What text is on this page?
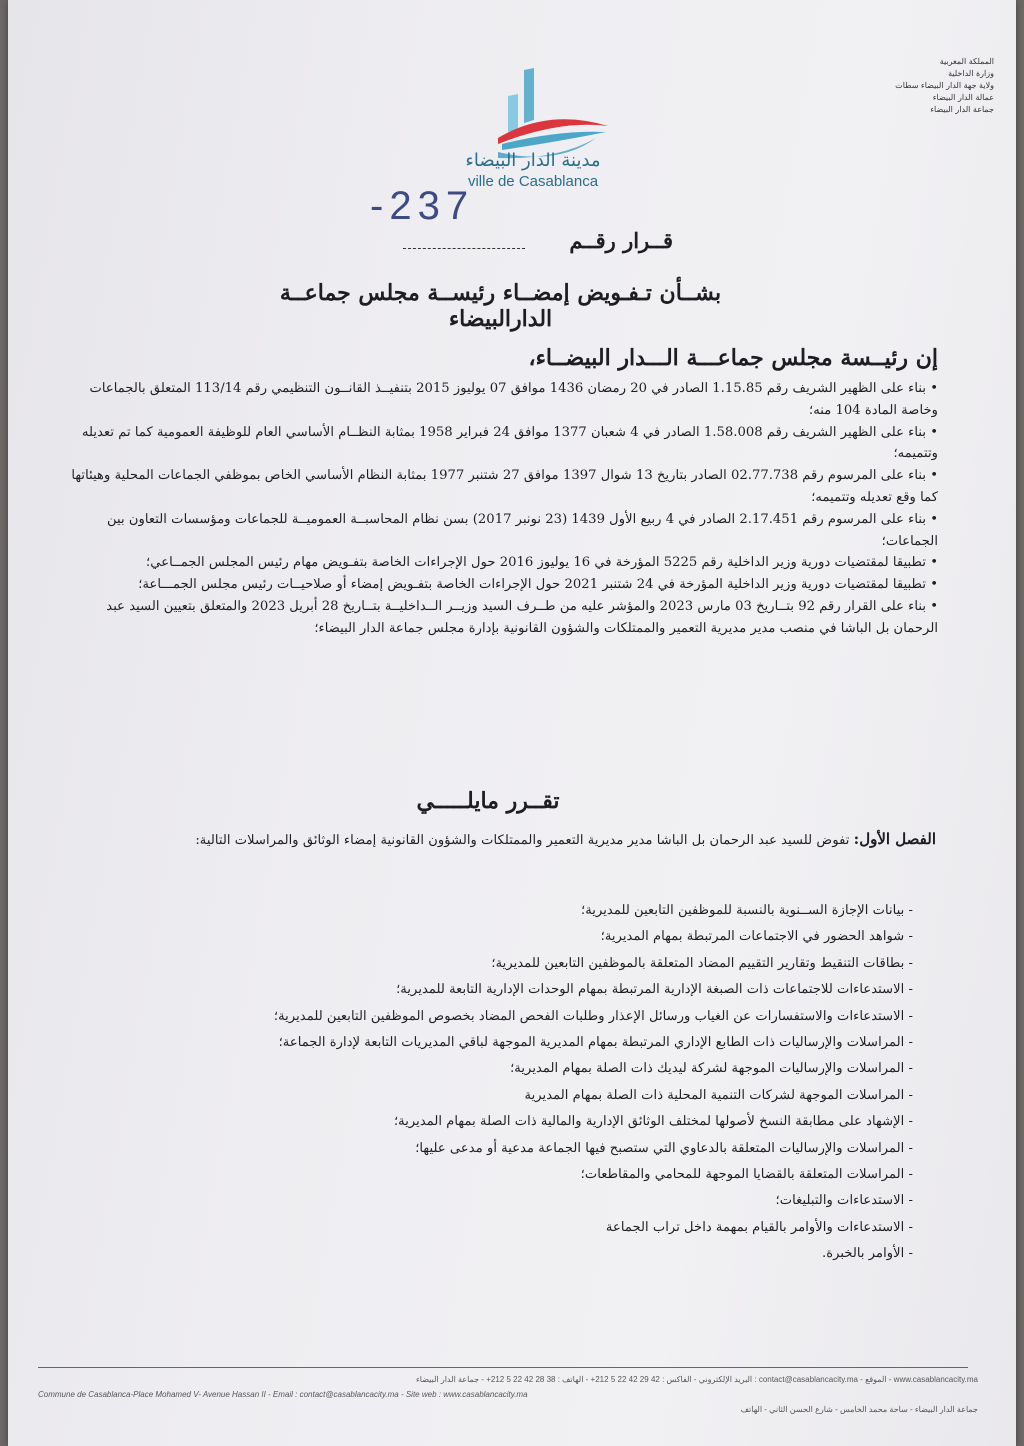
المملكة المغربية
وزارة الداخلية
ولاية جهة الدار البيضاء سطات
عمالة الدار البيضاء
جماعة الدار البيضاء
مدينة الدار البيضاء
ville de Casablanca
-237
قــرار رقــم
بشــأن تـفـويض إمضــاء رئيســة مجلس جماعــة الدارالبيضاء
إن رئيــسة مجلس جماعـــة الـــدار البيضــاء،

• بناء على الظهير الشريف رقم 1.15.85 الصادر في 20 رمضان 1436 موافق 07 يوليوز 2015 بتنفيــذ القانــون التنظيمي رقم 113/14 المتعلق بالجماعات وخاصة المادة 104 منه؛

• بناء على الظهير الشريف رقم 1.58.008 الصادر في 4 شعبان 1377 موافق 24 فبراير 1958 بمثابة النظــام الأساسي العام للوظيفة العمومية كما تم تعديله وتتميمه؛

• بناء على المرسوم رقم 02.77.738 الصادر بتاريخ 13 شوال 1397 موافق 27 شتنبر 1977 بمثابة النظام الأساسي الخاص بموظفي الجماعات المحلية وهيئاتها كما وقع تعديله وتتميمه؛

• بناء على المرسوم رقم 2.17.451 الصادر في 4 ربيع الأول 1439 (23 نونبر 2017) بسن نظام المحاسبــة العموميــة للجماعات ومؤسسات التعاون بين الجماعات؛

• تطبيقا لمقتضيات دورية وزير الداخلية رقم 5225 المؤرخة في 16 يوليوز 2016 حول الإجراءات الخاصة بتفـويض مهام رئيس المجلس الجمــاعي؛

• تطبيقا لمقتضيات دورية وزير الداخلية المؤرخة في 24 شتنبر 2021 حول الإجراءات الخاصة بتفـويض إمضاء أو صلاحيــات رئيس مجلس الجمـــاعة؛

• بناء على القرار رقم 92 بتــاريخ 03 مارس 2023 والمؤشر عليه من طــرف السيد وزيــر الــداخليــة بتــاريخ 28 أبريل 2023 والمتعلق بتعيين السيد عبد الرحمان بل الباشا في منصب مدير مديرية التعمير والممتلكات والشؤون القانونية بإدارة مجلس جماعة الدار البيضاء؛

تقــرر مايلـــــي
الفصل الأول: تفوض للسيد عبد الرحمان بل الباشا مدير مديرية التعمير والممتلكات والشؤون القانونية إمضاء الوثائق والمراسلات التالية:
- بيانات الإجازة الســنوية بالنسبة للموظفين التابعين للمديرية؛
- شواهد الحضور في الاجتماعات المرتبطة بمهام المديرية؛
- بطاقات التنقيط وتقارير التقييم المضاد المتعلقة بالموظفين التابعين للمديرية؛
- الاستدعاءات للاجتماعات ذات الصبغة الإدارية المرتبطة بمهام الوحدات الإدارية التابعة للمديرية؛
- الاستدعاءات والاستفسارات عن الغياب ورسائل الإعذار وطلبات الفحص المضاد بخصوص الموظفين التابعين للمديرية؛
- المراسلات والإرساليات ذات الطابع الإداري المرتبطة بمهام المديرية الموجهة لباقي المديريات التابعة لإدارة الجماعة؛
- المراسلات والإرساليات الموجهة لشركة ليديك ذات الصلة بمهام المديرية؛
- المراسلات الموجهة لشركات التنمية المحلية ذات الصلة بمهام المديرية
- الإشهاد على مطابقة النسخ لأصولها لمختلف الوثائق الإدارية والمالية ذات الصلة بمهام المديرية؛
- المراسلات والإرساليات المتعلقة بالدعاوي التي ستصبح فيها الجماعة مدعية أو مدعى عليها؛
- المراسلات المتعلقة بالقضايا الموجهة للمحامي والمقاطعات؛
- الاستدعاءات والتبليغات؛
- الاستدعاءات والأوامر بالقيام بمهمة داخل تراب الجماعة
- الأوامر بالخبرة.
www.casablancacity.ma - الموقع - contact@casablancacity.ma : البريد الإلكتروني - الفاكس : 42 29 42 22 5 212+ - الهاتف : 38 28 42 22 5 212+ - جماعة الدار البيضاء
Commune de Casablanca-Place Mohamed V- Avenue Hassan II - Email : contact@casablancacity.ma - Site web : www.casablancacity.ma
جماعة الدار البيضاء - ساحة محمد الخامس - شارع الحسن الثاني - الهاتف
